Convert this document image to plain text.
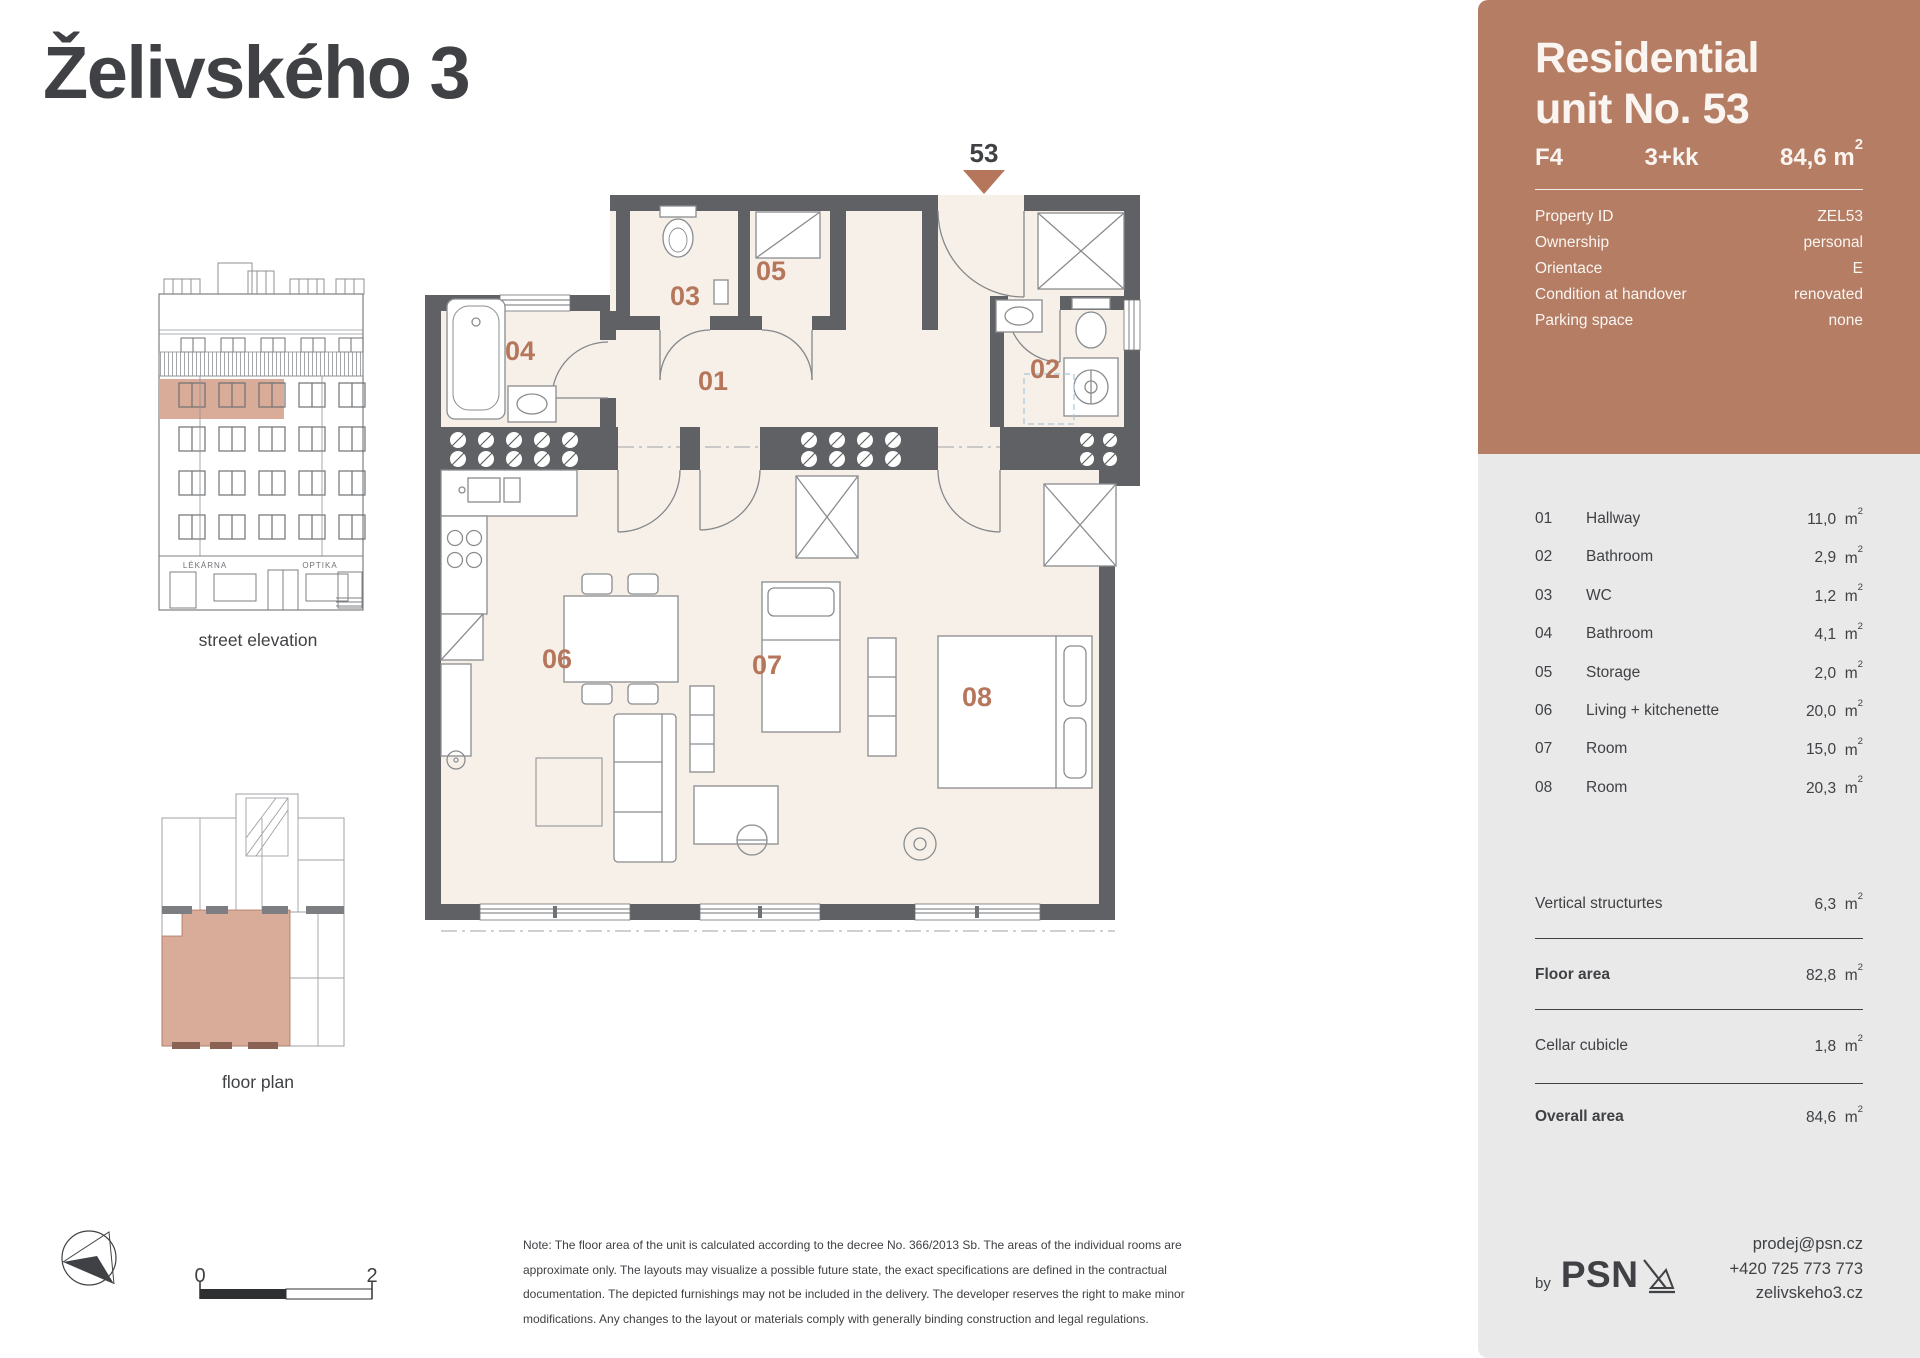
Želivského 3
LÉKÁRNA	OPTIKA
street elevation
floor plan
0	2
53
04
03
05
01	02
06	07
08
Note: The floor area of the unit is calculated according to the decree No. 366/2013 Sb. The areas of the individual rooms are
approximate only. The layouts may visualize a possible future state, the exact specifications are defined in the contractual
documentation. The depicted furnishings may not be included in the delivery. The developer reserves the right to make minor
modifications. Any changes to the layout or materials comply with generally binding construction and legal regulations.
Residential
unit No. 53
F4	3+kk	84,6 $m^2$
Property ID	ZEL53
Ownership	personal
Orientace	E
Condition at handover	renovated
Parking space	none
01	Hallway	11,0 $m^2$
02	Bathroom	2,9 $m^2$
03	WC	1,2 $m^2$
04	Bathroom	4,1 $m^2$
05	Storage	2,0 $m^2$
06	Living + kitchenette	20,0 $m^2$
07	Room	15,0 $m^2$
08	Room	20,3 $m^2$
Vertical structurtes	6,3 $m^2$
Floor area	82,8 $m^2$
Cellar cubicle	1,8 $m^2$
Overall area	84,6 $m^2$
prodej@psn.cz
+420 725 773 773
zelivskeho3.cz
by PSN
